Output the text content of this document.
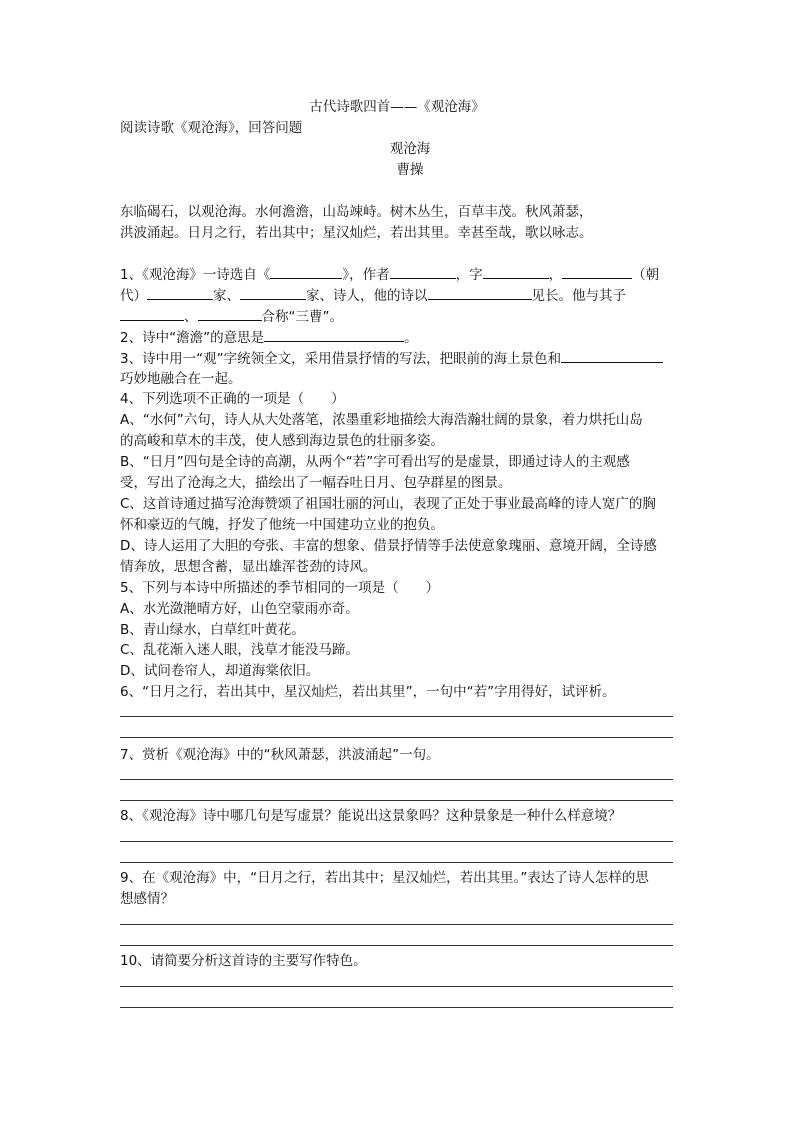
古代诗歌四首——《观沧海》
阅读诗歌《观沧海》，回答问题
观沧海
曹操
东临碣石，以观沧海。水何澹澹，山岛竦峙。树木丛生，百草丰茂。秋风萧瑟，
洪波涌起。日月之行，若出其中；星汉灿烂，若出其里。幸甚至哉，歌以咏志。
1、《观沧海》一诗选自《	》，作者	，字	，	（朝
代）	家、	家、诗人，他的诗以	见长。他与其子
、	合称“三曹”。
2、诗中“澹澹”的意思是	。
3、诗中用一“观”字统领全文，采用借景抒情的写法，把眼前的海上景色和
巧妙地融合在一起。
4、下列选项不正确的一项是（　　）
A、“水何”六句，诗人从大处落笔，浓墨重彩地描绘大海浩瀚壮阔的景象，着力烘托山岛
的高峻和草木的丰茂，使人感到海边景色的壮丽多姿。
B、“日月”四句是全诗的高潮，从两个“若”字可看出写的是虚景，即通过诗人的主观感
受，写出了沧海之大，描绘出了一幅吞吐日月、包孕群星的图景。
C、这首诗通过描写沧海赞颂了祖国壮丽的河山，表现了正处于事业最高峰的诗人宽广的胸
怀和豪迈的气魄，抒发了他统一中国建功立业的抱负。
D、诗人运用了大胆的夸张、丰富的想象、借景抒情等手法使意象瑰丽、意境开阔，全诗感
情奔放，思想含蓄，显出雄浑苍劲的诗风。
5、下列与本诗中所描述的季节相同的一项是（　　）
A、水光潋滟晴方好，山色空蒙雨亦奇。
B、青山绿水，白草红叶黄花。
C、乱花渐入迷人眼，浅草才能没马蹄。
D、试问卷帘人，却道海棠依旧。
6、“日月之行，若出其中，星汉灿烂，若出其里”，一句中“若”字用得好，试评析。
7、赏析《观沧海》中的“秋风萧瑟，洪波涌起”一句。
8、《观沧海》诗中哪几句是写虚景？能说出这景象吗？这种景象是一种什么样意境？
9、在《观沧海》中，“日月之行，若出其中；星汉灿烂，若出其里。”表达了诗人怎样的思
想感情？
10、请简要分析这首诗的主要写作特色。
